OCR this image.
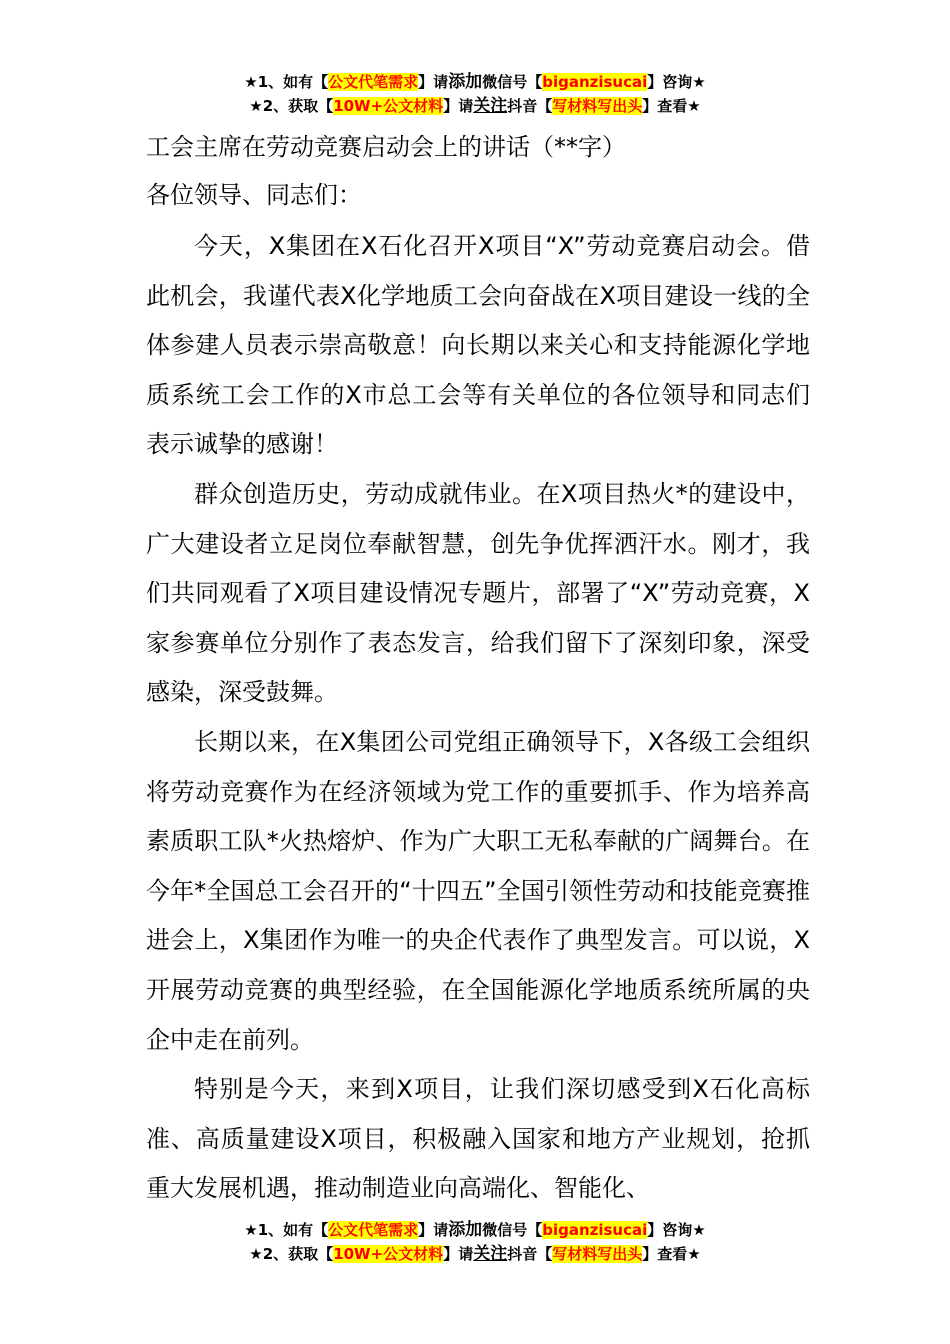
★1、如有【公文代笔需求】请添加微信号【biganzisucai】咨询★
★2、获取【10W+公文材料】请关注抖音【写材料写出头】查看★

工会主席在劳动竞赛启动会上的讲话（**字）

各位领导、同志们：

今天，X集团在X石化召开X项目“X”劳动竞赛启动会。借此机会，我谨代表X化学地质工会向奋战在X项目建设一线的全体参建人员表示崇高敬意！向长期以来关心和支持能源化学地质系统工会工作的X市总工会等有关单位的各位领导和同志们表示诚挚的感谢！

群众创造历史，劳动成就伟业。在X项目热火*的建设中，广大建设者立足岗位奉献智慧，创先争优挥洒汗水。刚才，我们共同观看了X项目建设情况专题片，部署了“X”劳动竞赛，X家参赛单位分别作了表态发言，给我们留下了深刻印象，深受感染，深受鼓舞。

长期以来，在X集团公司党组正确领导下，X各级工会组织将劳动竞赛作为在经济领域为党工作的重要抓手、作为培养高素质职工队*火热熔炉、作为广大职工无私奉献的广阔舞台。在今年*全国总工会召开的“十四五”全国引领性劳动和技能竞赛推进会上，X集团作为唯一的央企代表作了典型发言。可以说，X开展劳动竞赛的典型经验，在全国能源化学地质系统所属的央企中走在前列。

特别是今天，来到X项目，让我们深切感受到X石化高标准、高质量建设X项目，积极融入国家和地方产业规划，抢抓重大发展机遇，推动制造业向高端化、智能化、

★1、如有【公文代笔需求】请添加微信号【biganzisucai】咨询★
★2、获取【10W+公文材料】请关注抖音【写材料写出头】查看★
